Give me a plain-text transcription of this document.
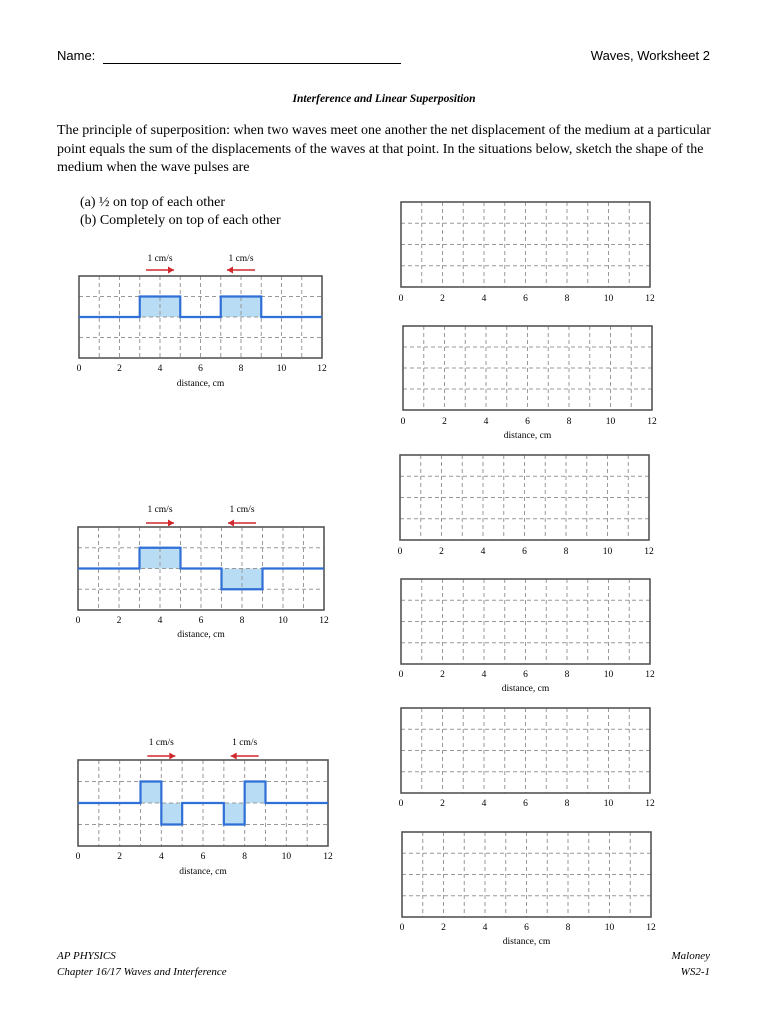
Name:	Waves, Worksheet 2
Interference and Linear Superposition
The principle of superposition: when two waves meet one another the net displacement of the medium at a particular point equals the sum of the displacements of the waves at that point. In the situations below, sketch the shape of the medium when the wave pulses are
(a) ½ on top of each other
(b) Completely on top of each other
1 cm/s	1 cm/s
0	2	4	6	8	10	12
distance, cm
1 cm/s	1 cm/s
0	2	4	6	8	10	12
distance, cm
1 cm/s	1 cm/s
0	2	4	6	8	10	12
distance, cm
0	2	4	6	8	10	12
0	2	4	6	8	10	12
distance, cm
0	2	4	6	8	10	12
0	2	4	6	8	10	12
distance, cm
0	2	4	6	8	10	12
0	2	4	6	8	10	12
distance, cm
AP PHYSICS
Chapter 16/17 Waves and Interference
Maloney
WS2-1
